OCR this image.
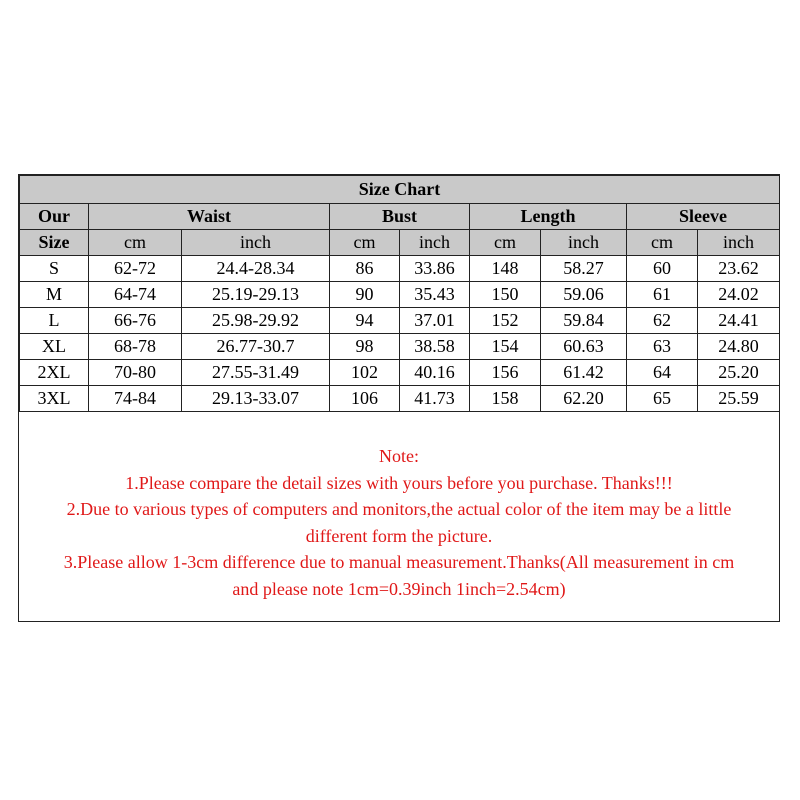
Size Chart								
Our	Waist		Bust		Length		Sleeve	
Size	cm	inch	cm	inch	cm	inch	cm	inch
S	62-72	24.4-28.34	86	33.86	148	58.27	60	23.62
M	64-74	25.19-29.13	90	35.43	150	59.06	61	24.02
L	66-76	25.98-29.92	94	37.01	152	59.84	62	24.41
XL	68-78	26.77-30.7	98	38.58	154	60.63	63	24.80
2XL	70-80	27.55-31.49	102	40.16	156	61.42	64	25.20
3XL	74-84	29.13-33.07	106	41.73	158	62.20	65	25.59
Note:
1.Please compare the detail sizes with yours before you purchase. Thanks!!!
2.Due to various types of computers and monitors,the actual color of the item may be a little
different form the picture.
3.Please allow 1-3cm difference due to manual measurement.Thanks(All measurement in cm
and please note 1cm=0.39inch 1inch=2.54cm)
